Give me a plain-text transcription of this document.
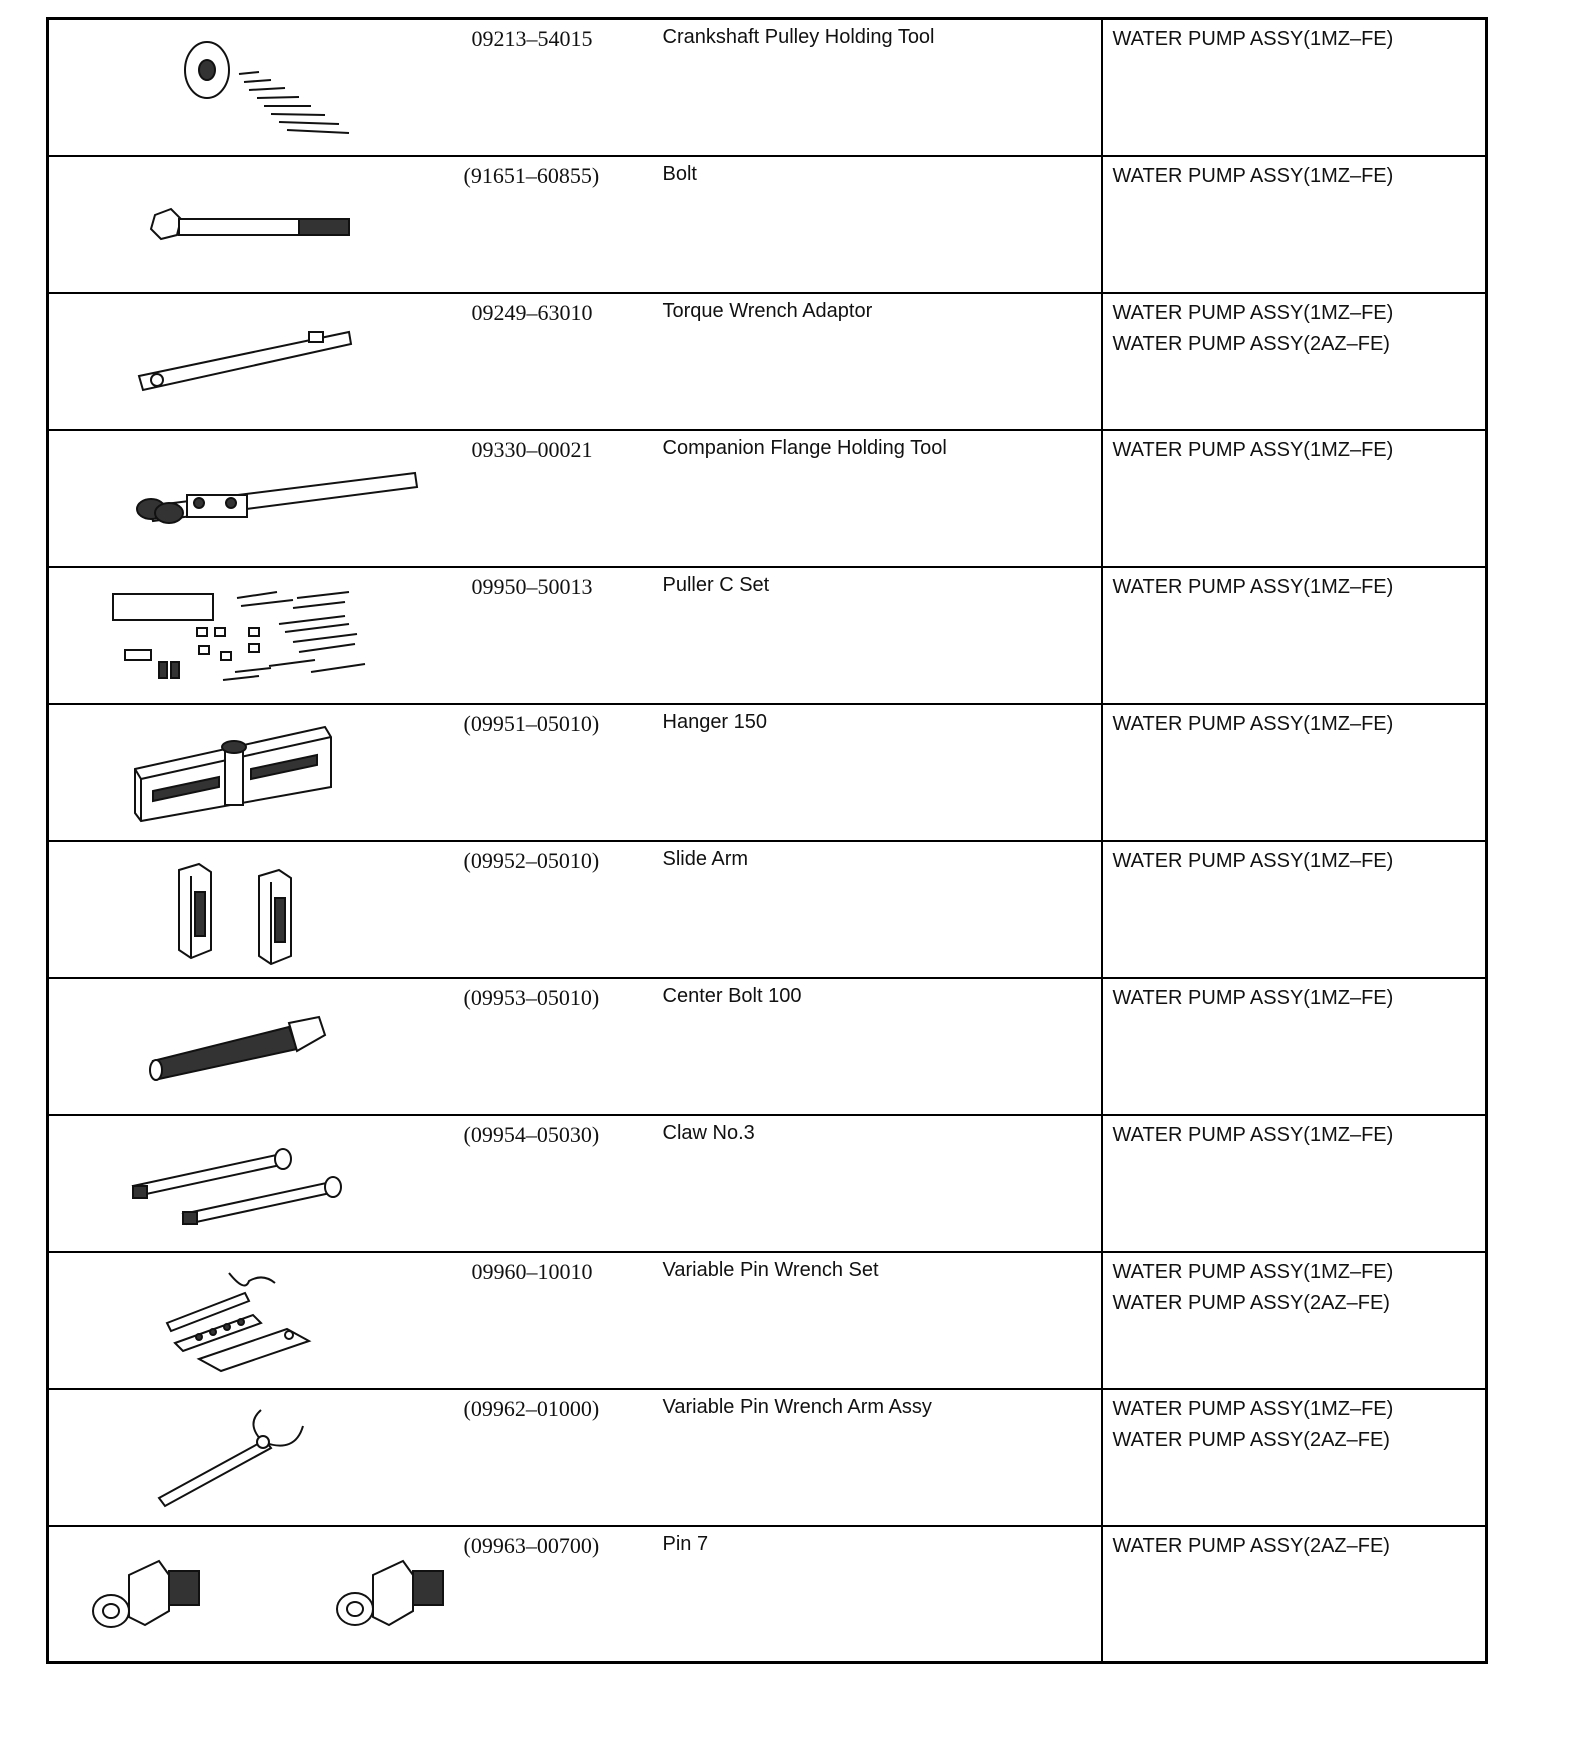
09213–54015	Crankshaft Pulley Holding Tool	WATER PUMP ASSY(1MZ–FE)

(91651–60855)	Bolt	WATER PUMP ASSY(1MZ–FE)

09249–63010	Torque Wrench Adaptor	WATER PUMP ASSY(1MZ–FE)
WATER PUMP ASSY(2AZ–FE)

09330–00021	Companion Flange Holding Tool	WATER PUMP ASSY(1MZ–FE)

09950–50013	Puller C Set	WATER PUMP ASSY(1MZ–FE)

(09951–05010)	Hanger 150	WATER PUMP ASSY(1MZ–FE)

(09952–05010)	Slide Arm	WATER PUMP ASSY(1MZ–FE)

(09953–05010)	Center Bolt 100	WATER PUMP ASSY(1MZ–FE)

(09954–05030)	Claw No.3	WATER PUMP ASSY(1MZ–FE)

09960–10010	Variable Pin Wrench Set	WATER PUMP ASSY(1MZ–FE)
WATER PUMP ASSY(2AZ–FE)

(09962–01000)	Variable Pin Wrench Arm Assy	WATER PUMP ASSY(1MZ–FE)
WATER PUMP ASSY(2AZ–FE)

(09963–00700)	Pin 7	WATER PUMP ASSY(2AZ–FE)
